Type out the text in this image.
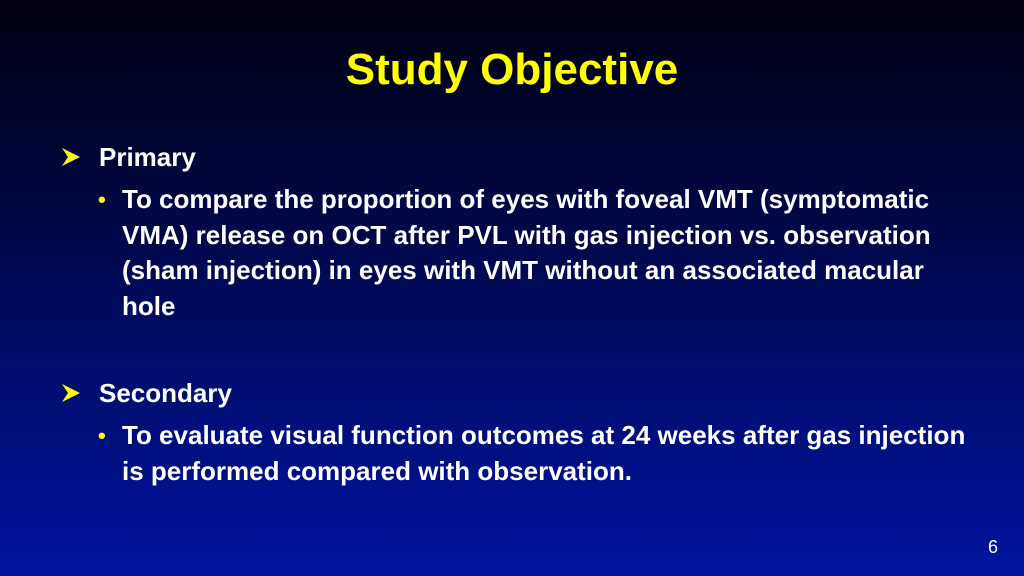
Study Objective
Primary
• To compare the proportion of eyes with foveal VMT (symptomatic VMA) release on OCT after PVL with gas injection vs. observation (sham injection) in eyes with VMT without an associated macular hole
Secondary
• To evaluate visual function outcomes at 24 weeks after gas injection is performed compared with observation.
6
